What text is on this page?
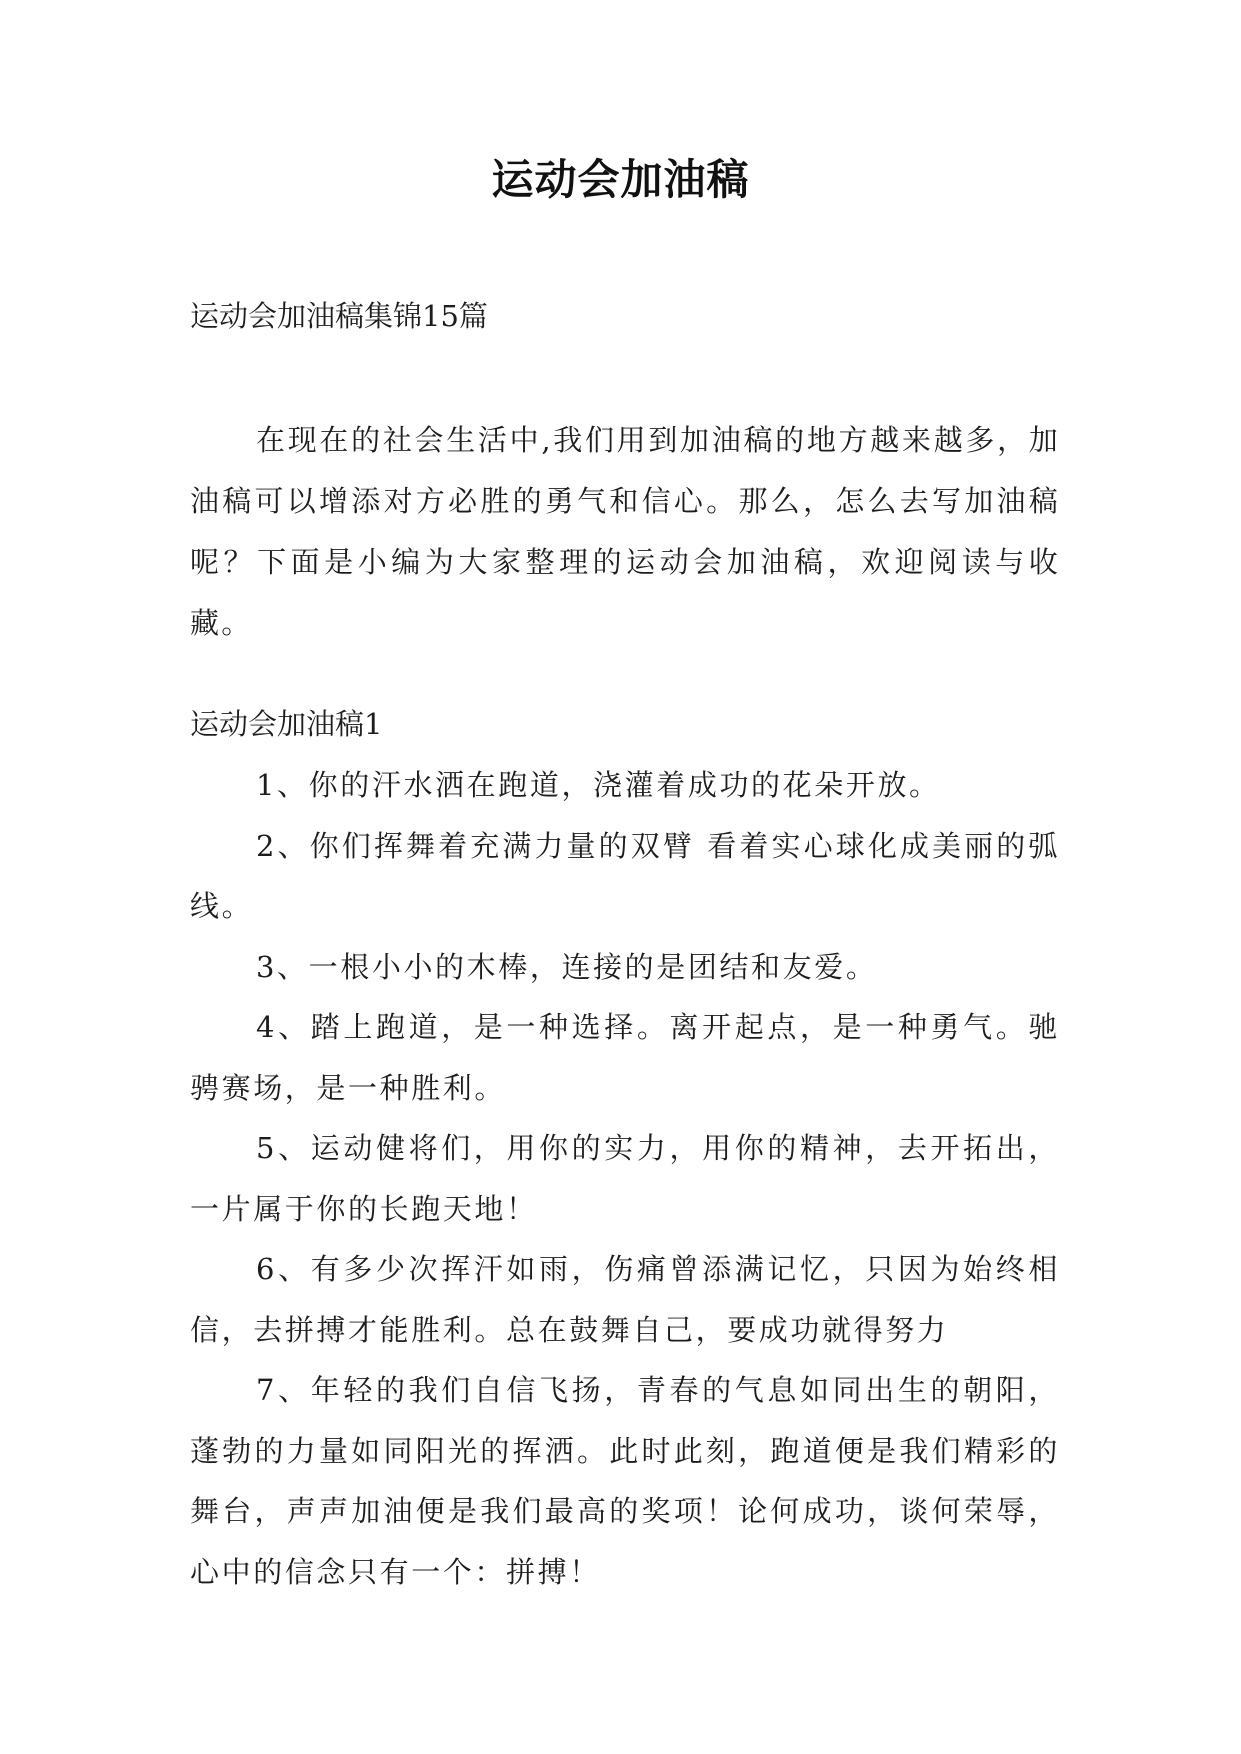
运动会加油稿
运动会加油稿集锦15篇

在现在的社会生活中,我们用到加油稿的地方越来越多，加油稿可以增添对方必胜的勇气和信心。那么，怎么去写加油稿呢？下面是小编为大家整理的运动会加油稿，欢迎阅读与收藏。

运动会加油稿1

1、你的汗水洒在跑道，浇灌着成功的花朵开放。

2、你们挥舞着充满力量的双臂 看着实心球化成美丽的弧线。

3、一根小小的木棒，连接的是团结和友爱。

4、踏上跑道，是一种选择。离开起点，是一种勇气。驰骋赛场，是一种胜利。

5、运动健将们，用你的实力，用你的精神，去开拓出，一片属于你的长跑天地！

6、有多少次挥汗如雨，伤痛曾添满记忆，只因为始终相信，去拼搏才能胜利。总在鼓舞自己，要成功就得努力

7、年轻的我们自信飞扬，青春的气息如同出生的朝阳，蓬勃的力量如同阳光的挥洒。此时此刻，跑道便是我们精彩的舞台，声声加油便是我们最高的奖项！论何成功，谈何荣辱，心中的信念只有一个：拼搏！
